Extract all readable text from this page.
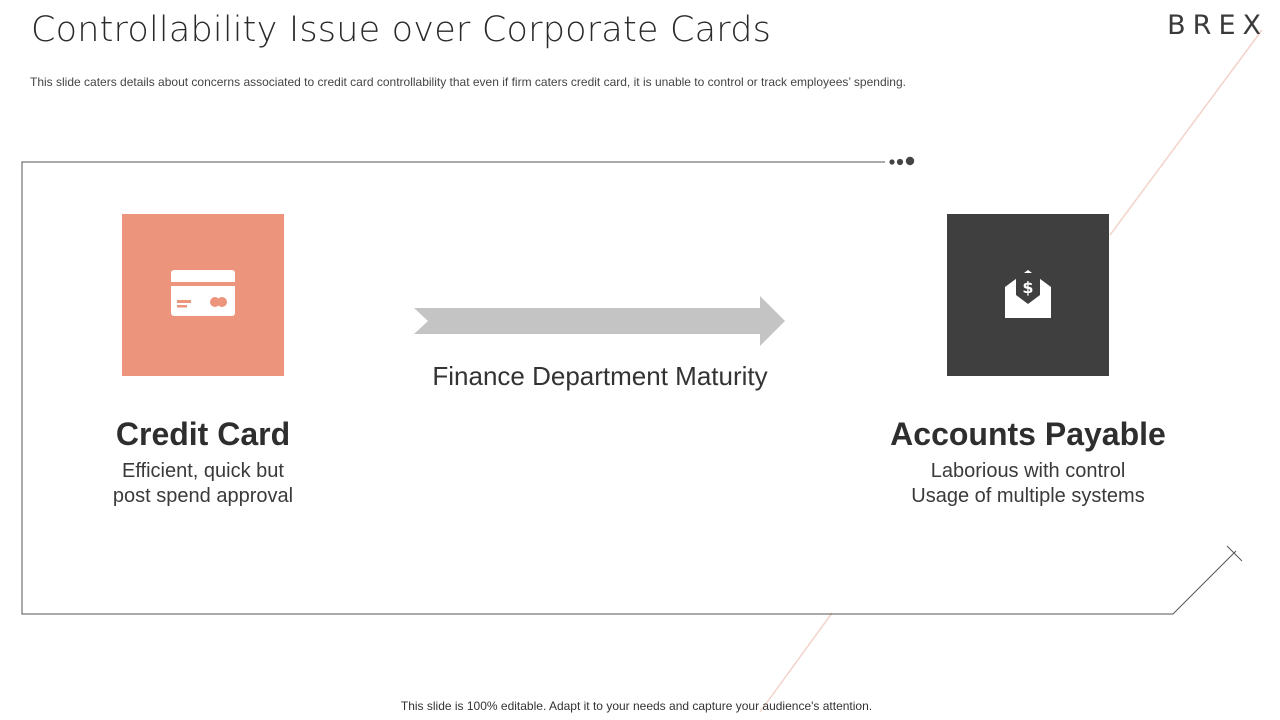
Controllability Issue over Corporate Cards

This slide caters details about concerns associated to credit card controllability that even if firm caters credit card, it is unable to control or track employees’ spending.

BREX
$

Finance Department Maturity

Credit Card

Efficient, quick but

post spend approval

Accounts Payable

Laborious with control

Usage of multiple systems

This slide is 100% editable. Adapt it to your needs and capture your audience's attention.
